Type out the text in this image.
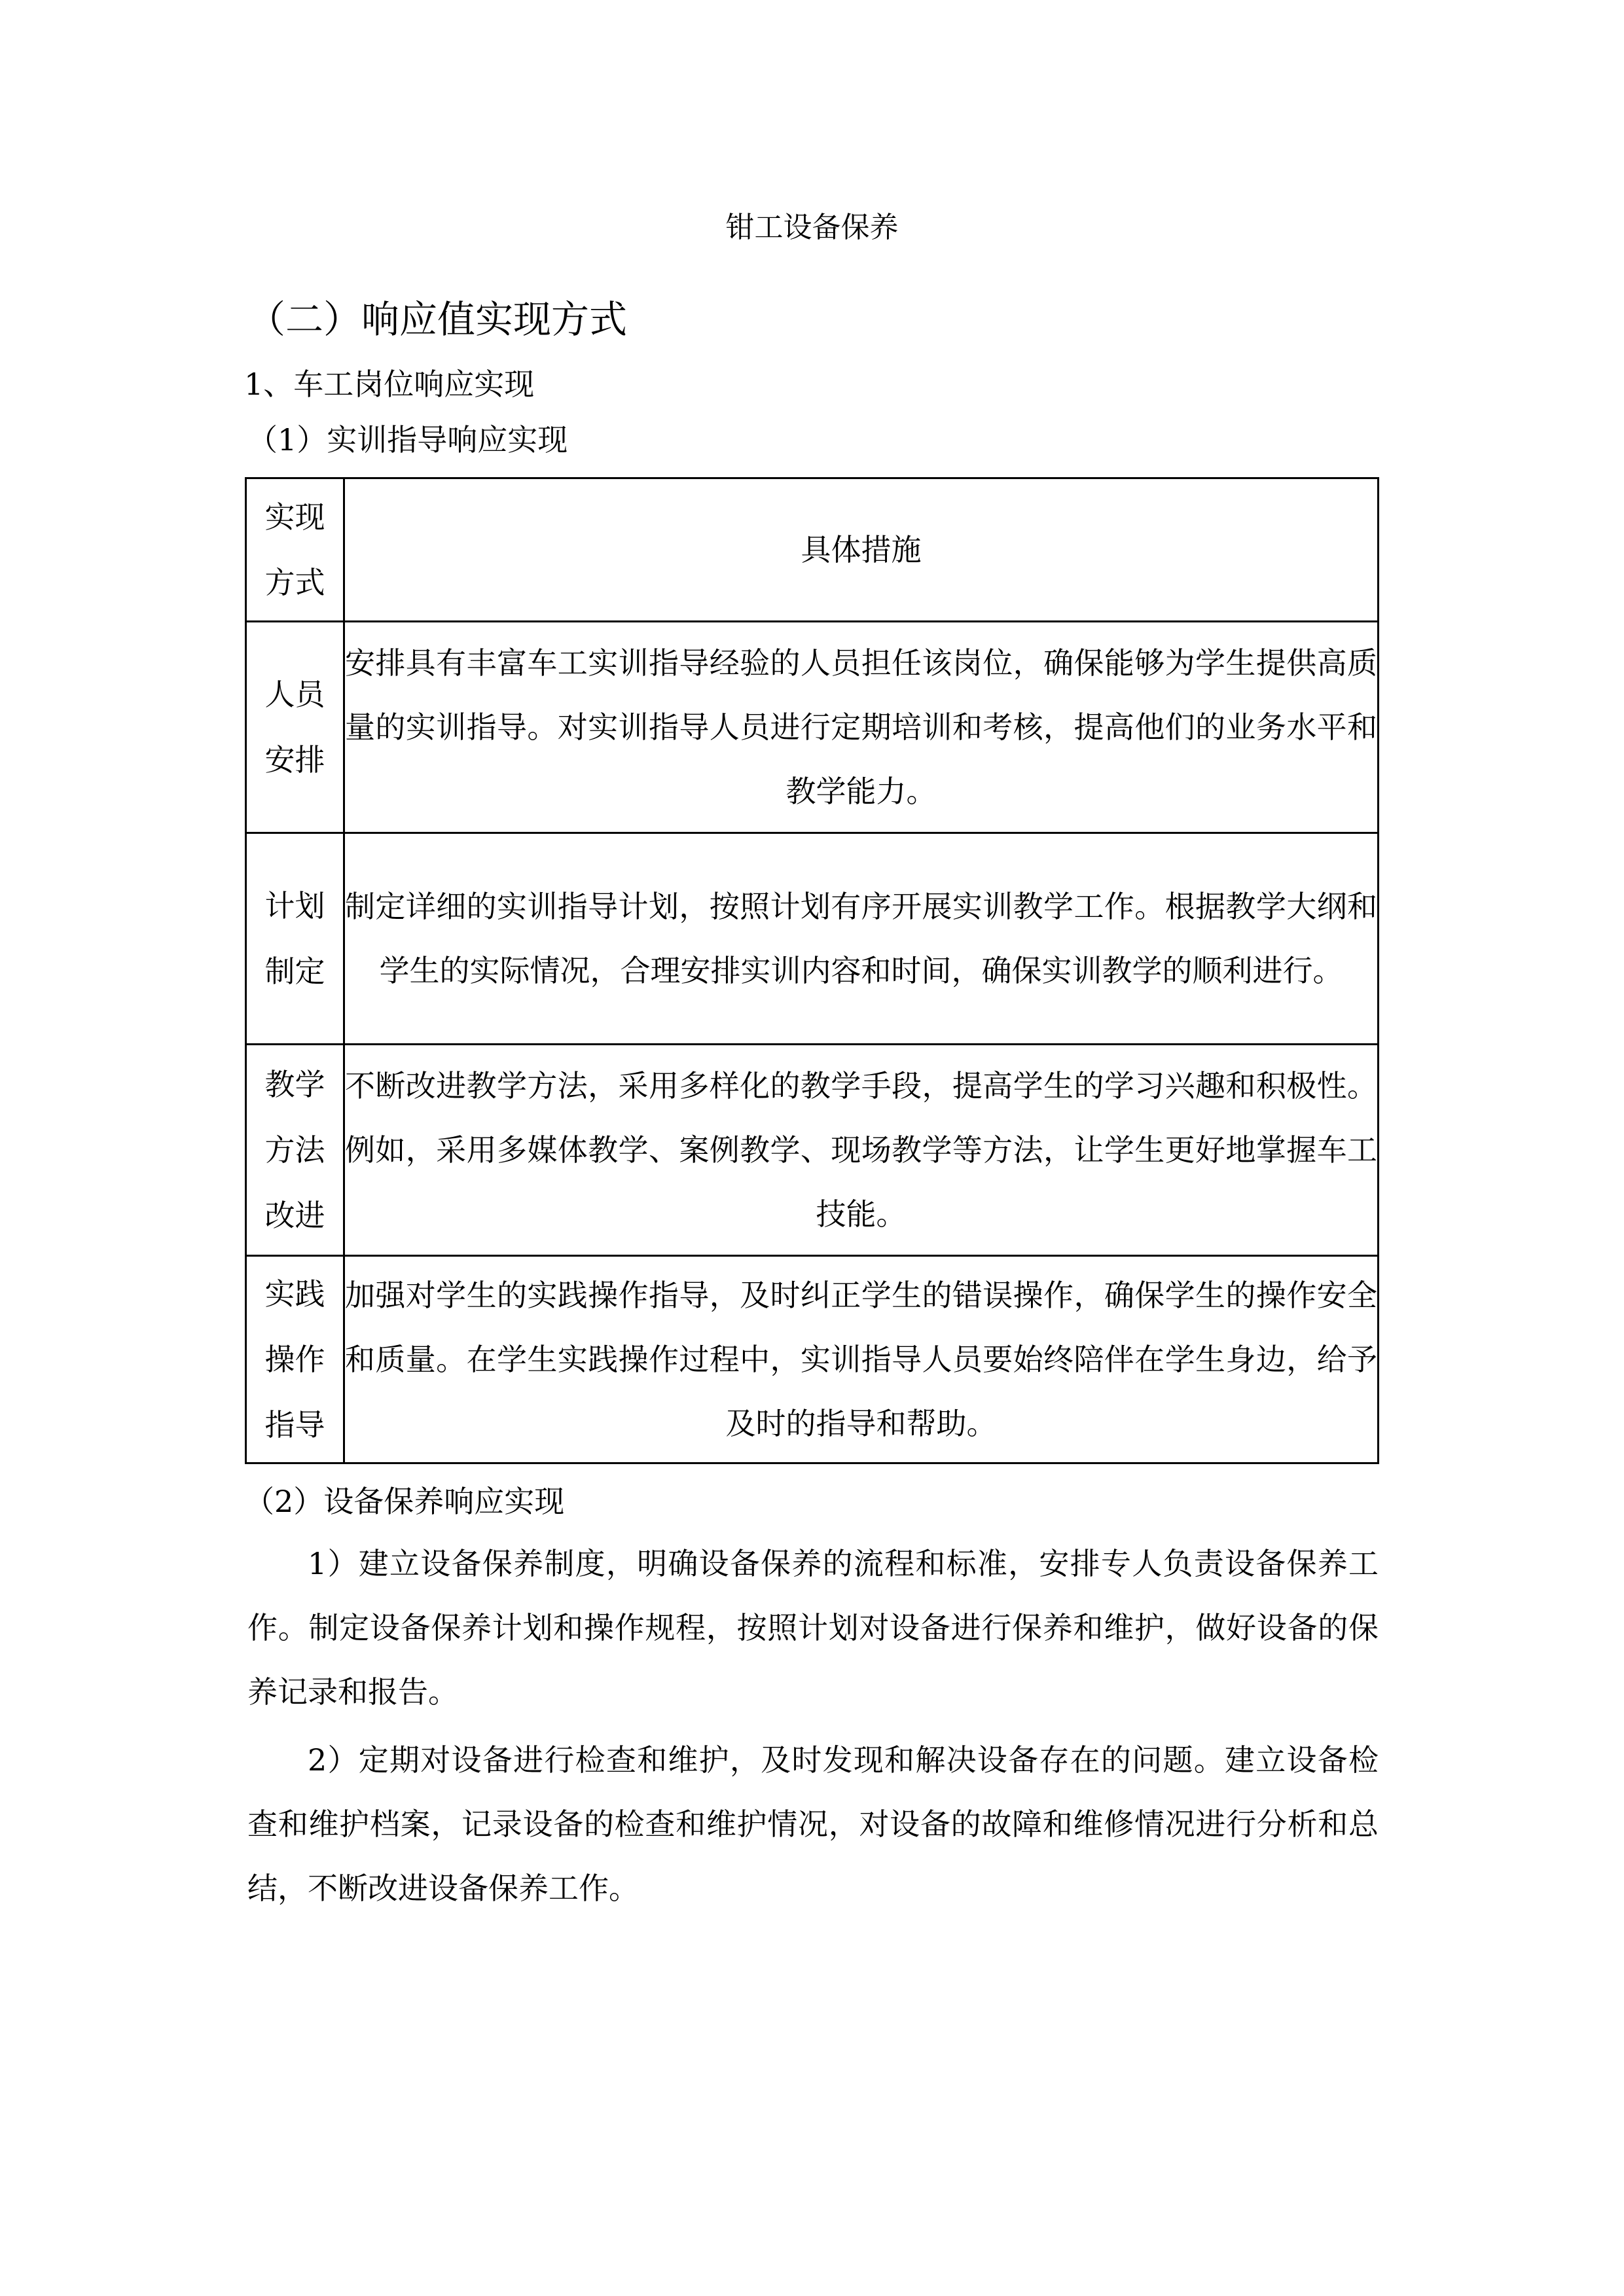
钳工设备保养
（二）响应值实现方式
1、车工岗位响应实现
（1）实训指导响应实现
实现
方式	具体措施

人员
安排	安排具有丰富车工实训指导经验的人员担任该岗位，确保能够为学生提供高质量的实训指导。对实训指导人员进行定期培训和考核，提高他们的业务水平和教学能力。

计划
制定	制定详细的实训指导计划，按照计划有序开展实训教学工作。根据教学大纲和学生的实际情况，合理安排实训内容和时间，确保实训教学的顺利进行。

教学
方法
改进	不断改进教学方法，采用多样化的教学手段，提高学生的学习兴趣和积极性。例如，采用多媒体教学、案例教学、现场教学等方法，让学生更好地掌握车工技能。

实践
操作
指导	加强对学生的实践操作指导，及时纠正学生的错误操作，确保学生的操作安全和质量。在学生实践操作过程中，实训指导人员要始终陪伴在学生身边，给予及时的指导和帮助。
（2）设备保养响应实现
1）建立设备保养制度，明确设备保养的流程和标准，安排专人负责设备保养工作。制定设备保养计划和操作规程，按照计划对设备进行保养和维护，做好设备的保养记录和报告。
2）定期对设备进行检查和维护，及时发现和解决设备存在的问题。建立设备检查和维护档案，记录设备的检查和维护情况，对设备的故障和维修情况进行分析和总结，不断改进设备保养工作。
